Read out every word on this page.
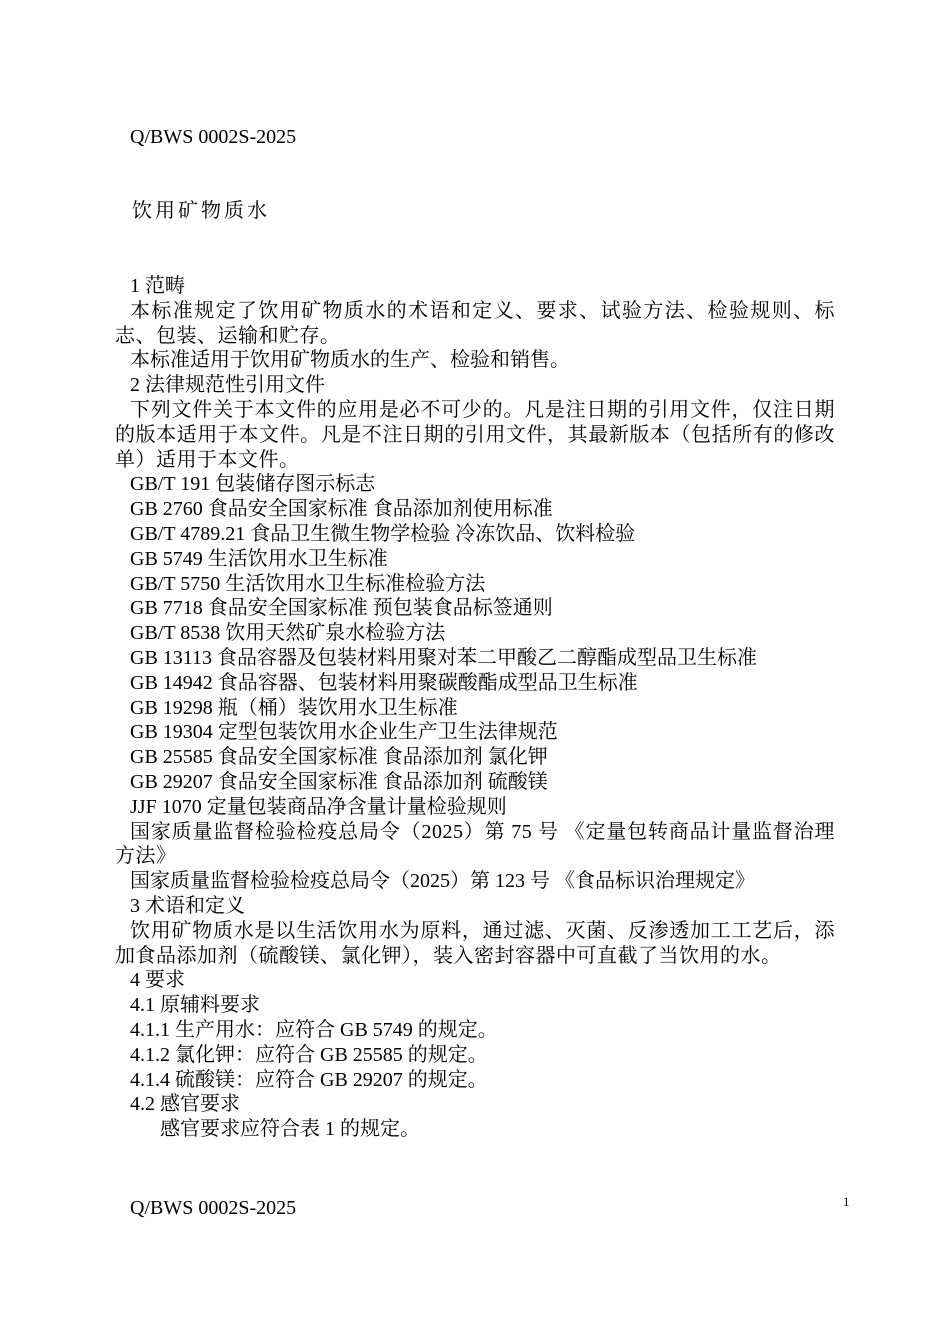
Q/BWS 0002S-2025
饮用矿物质水
1 范畴
本标准规定了饮用矿物质水的术语和定义、要求、试验方法、检验规则、标志、包装、运输和贮存。
本标准适用于饮用矿物质水的生产、检验和销售。
2 法律规范性引用文件
下列文件关于本文件的应用是必不可少的。凡是注日期的引用文件，仅注日期的版本适用于本文件。凡是不注日期的引用文件，其最新版本（包括所有的修改单）适用于本文件。
GB/T 191 包装储存图示标志
GB 2760 食品安全国家标准 食品添加剂使用标准
GB/T 4789.21 食品卫生微生物学检验 冷冻饮品、饮料检验
GB 5749 生活饮用水卫生标准
GB/T 5750 生活饮用水卫生标准检验方法
GB 7718 食品安全国家标准 预包装食品标签通则
GB/T 8538 饮用天然矿泉水检验方法
GB 13113 食品容器及包装材料用聚对苯二甲酸乙二醇酯成型品卫生标准
GB 14942 食品容器、包装材料用聚碳酸酯成型品卫生标准
GB 19298 瓶（桶）装饮用水卫生标准
GB 19304 定型包装饮用水企业生产卫生法律规范
GB 25585 食品安全国家标准 食品添加剂 氯化钾
GB 29207 食品安全国家标准 食品添加剂 硫酸镁
JJF 1070 定量包装商品净含量计量检验规则
国家质量监督检验检疫总局令（2025）第 75 号 《定量包转商品计量监督治理方法》
国家质量监督检验检疫总局令（2025）第 123 号 《食品标识治理规定》
3 术语和定义
饮用矿物质水是以生活饮用水为原料，通过滤、灭菌、反渗透加工工艺后，添加食品添加剂（硫酸镁、氯化钾），装入密封容器中可直截了当饮用的水。
4 要求
4.1 原辅料要求
4.1.1 生产用水：应符合 GB 5749 的规定。
4.1.2 氯化钾：应符合 GB 25585 的规定。
4.1.4 硫酸镁：应符合 GB 29207 的规定。
4.2 感官要求
感官要求应符合表 1 的规定。
Q/BWS 0002S-2025	1
